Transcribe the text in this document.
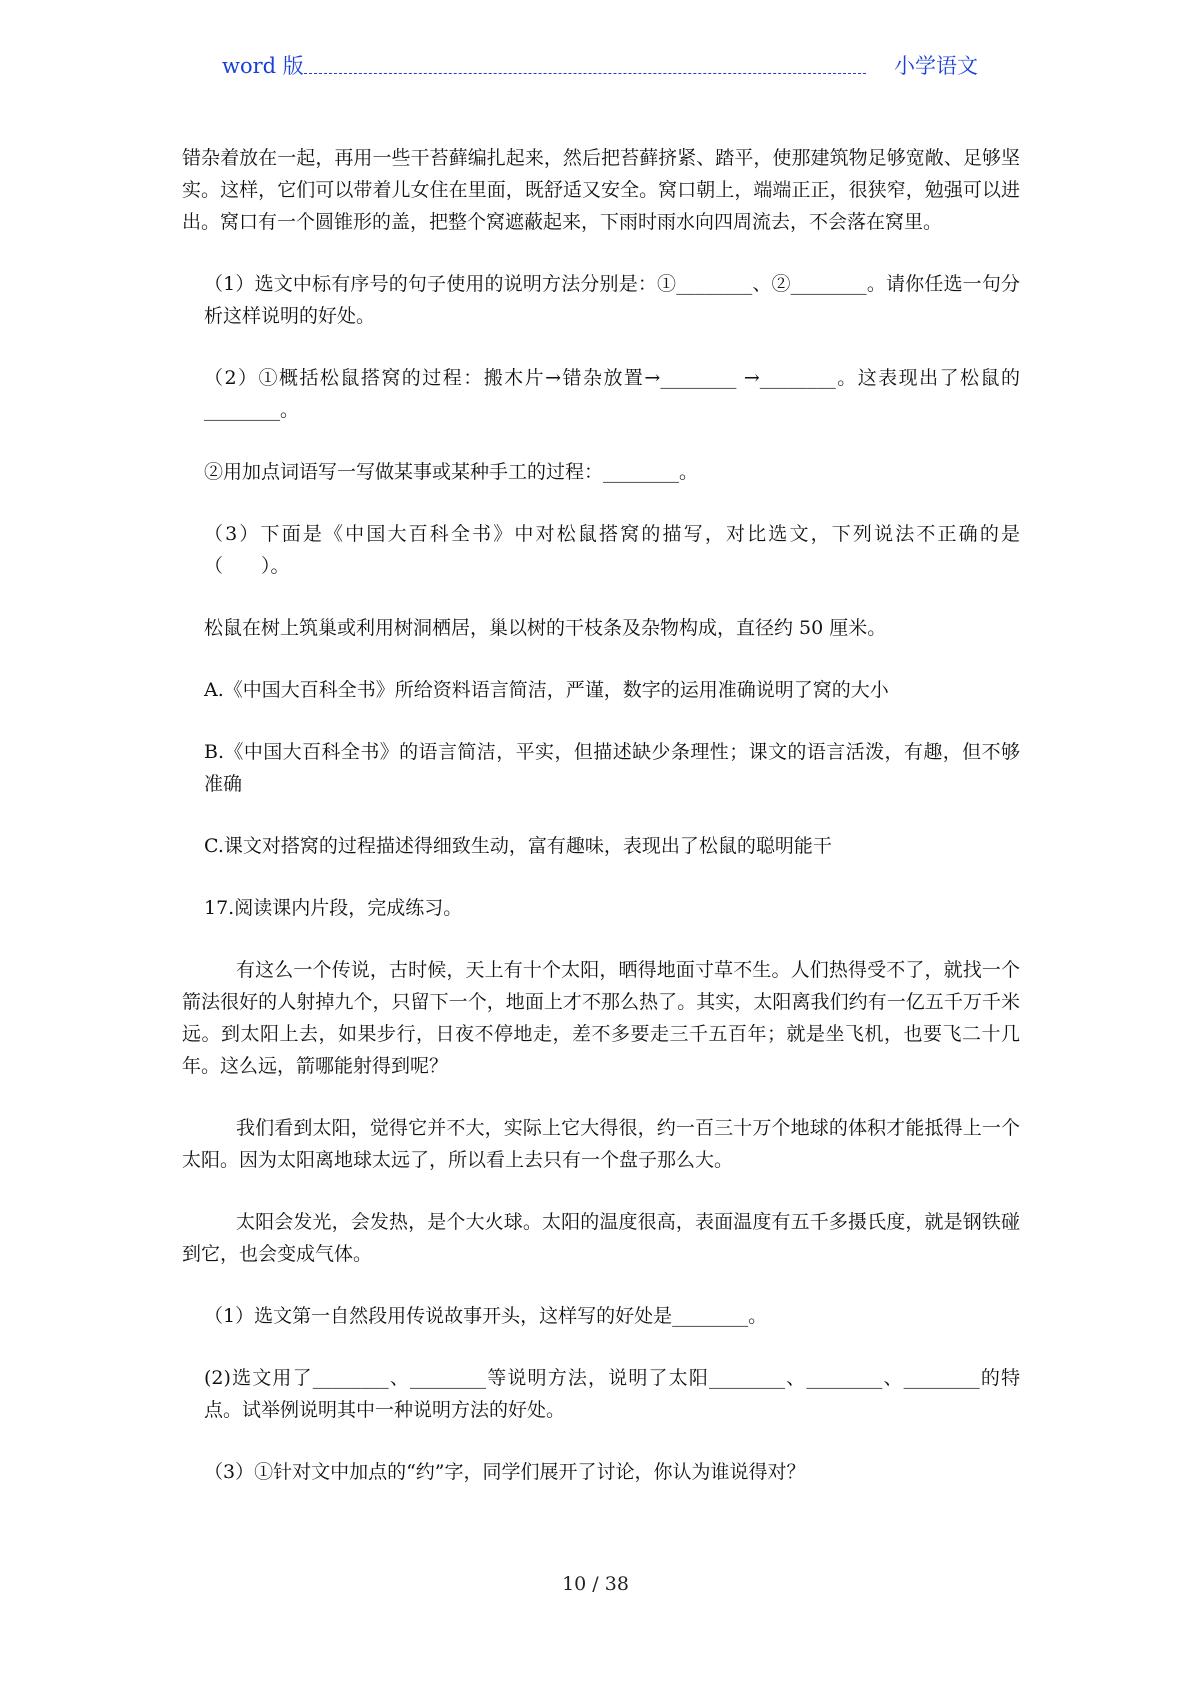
word 版	小学语文

错杂着放在一起，再用一些干苔藓编扎起来，然后把苔藓挤紧、踏平，使那建筑物足够宽敞、足够坚实。这样，它们可以带着儿女住在里面，既舒适又安全。窝口朝上，端端正正，很狭窄，勉强可以进出。窝口有一个圆锥形的盖，把整个窝遮蔽起来，下雨时雨水向四周流去，不会落在窝里。

（1）选文中标有序号的句子使用的说明方法分别是：①________、②________。请你任选一句分析这样说明的好处。

（2）①概括松鼠搭窝的过程：搬木片→错杂放置→________ →________。这表现出了松鼠的________。

②用加点词语写一写做某事或某种手工的过程：________。

（3）下面是《中国大百科全书》中对松鼠搭窝的描写，对比选文，下列说法不正确的是（　　）。

松鼠在树上筑巢或利用树洞栖居，巢以树的干枝条及杂物构成，直径约 50 厘米。

A.《中国大百科全书》所给资料语言简洁，严谨，数字的运用准确说明了窝的大小

B.《中国大百科全书》的语言简洁，平实，但描述缺少条理性；课文的语言活泼，有趣，但不够准确

C.课文对搭窝的过程描述得细致生动，富有趣味，表现出了松鼠的聪明能干

17.阅读课内片段，完成练习。

有这么一个传说，古时候，天上有十个太阳，晒得地面寸草不生。人们热得受不了，就找一个箭法很好的人射掉九个，只留下一个，地面上才不那么热了。其实，太阳离我们约有一亿五千万千米远。到太阳上去，如果步行，日夜不停地走，差不多要走三千五百年；就是坐飞机，也要飞二十几年。这么远，箭哪能射得到呢？

我们看到太阳，觉得它并不大，实际上它大得很，约一百三十万个地球的体积才能抵得上一个太阳。因为太阳离地球太远了，所以看上去只有一个盘子那么大。

太阳会发光，会发热，是个大火球。太阳的温度很高，表面温度有五千多摄氏度，就是钢铁碰到它，也会变成气体。

（1）选文第一自然段用传说故事开头，这样写的好处是________。

(2)选文用了________、________等说明方法，说明了太阳________、________、________的特点。试举例说明其中一种说明方法的好处。

（3）①针对文中加点的“约”字，同学们展开了讨论，你认为谁说得对？

10 / 38
